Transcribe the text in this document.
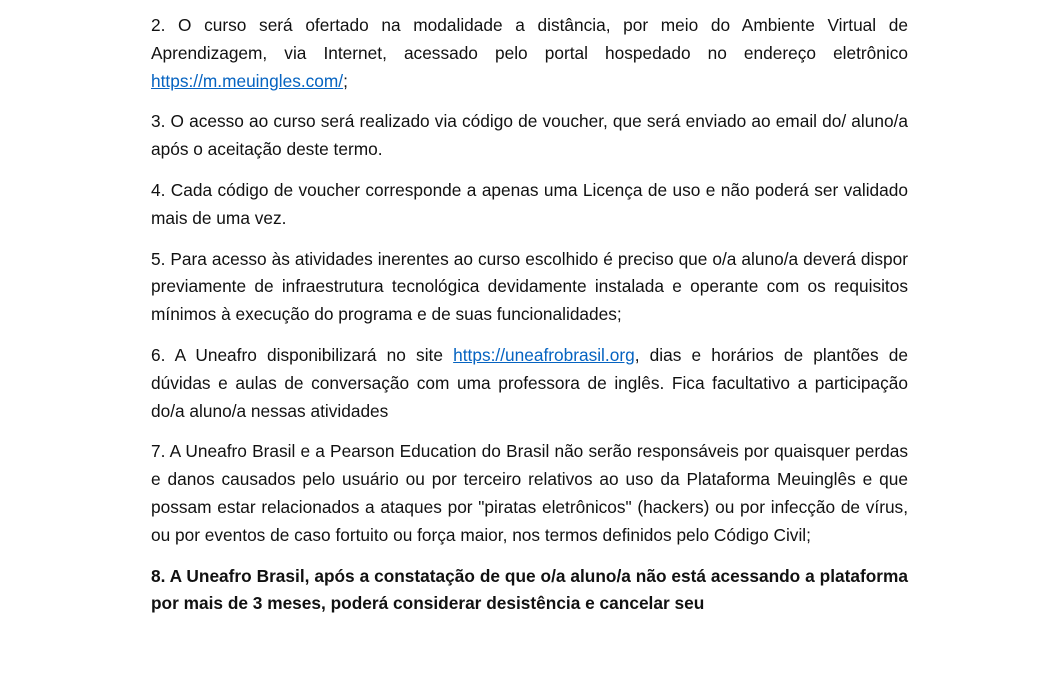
2. O curso será ofertado na modalidade a distância, por meio do Ambiente Virtual de Aprendizagem, via Internet, acessado pelo portal hospedado no endereço eletrônico https://m.meuingles.com/;

3. O acesso ao curso será realizado via código de voucher, que será enviado ao email do/ aluno/a após o aceitação deste termo.

4. Cada código de voucher corresponde a apenas uma Licença de uso e não poderá ser validado mais de uma vez.

5. Para acesso às atividades inerentes ao curso escolhido é preciso que o/a aluno/a deverá dispor previamente de infraestrutura tecnológica devidamente instalada e operante com os requisitos mínimos à execução do programa e de suas funcionalidades;

6. A Uneafro disponibilizará no site https://uneafrobrasil.org, dias e horários de plantões de dúvidas e aulas de conversação com uma professora de inglês. Fica facultativo a participação do/a aluno/a nessas atividades

7. A Uneafro Brasil e a Pearson Education do Brasil não serão responsáveis por quaisquer perdas e danos causados pelo usuário ou por terceiro relativos ao uso da Plataforma Meuinglês e que possam estar relacionados a ataques por "piratas eletrônicos" (hackers) ou por infecção de vírus, ou por eventos de caso fortuito ou força maior, nos termos definidos pelo Código Civil;

8. A Uneafro Brasil, após a constatação de que o/a aluno/a não está acessando a plataforma por mais de 3 meses, poderá considerar desistência e cancelar seu
